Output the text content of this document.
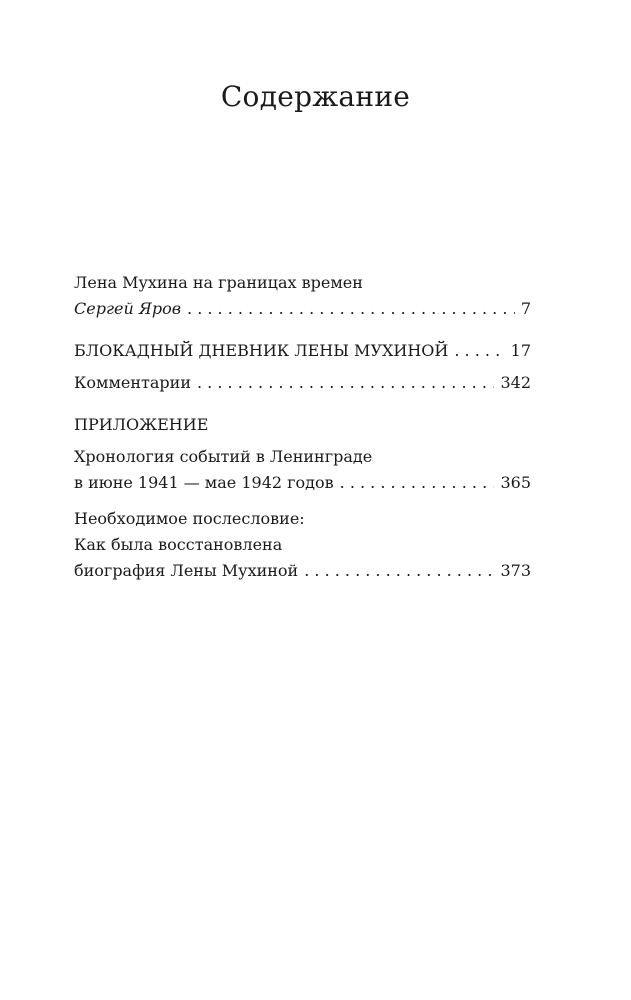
Содержание
Лена Мухина на границах времен
Сергей Яров . . .	7
БЛОКАДНЫЙ ДНЕВНИК ЛЕНЫ МУХИНОЙ . . .	17
Комментарии . . .	342
ПРИЛОЖЕНИЕ
Хронология событий в Ленинграде
в июне 1941 — мае 1942 годов . . .	365
Необходимое послесловие:
Как была восстановлена
биография Лены Мухиной . . .	373
